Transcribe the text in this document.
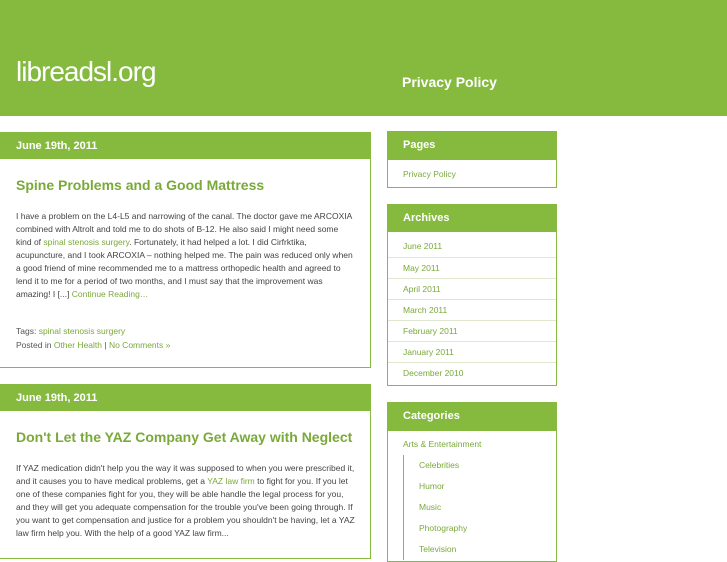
libreadsl.org	Privacy Policy
June 19th, 2011
Spine Problems and a Good Mattress
I have a problem on the L4-L5 and narrowing of the canal. The doctor gave me ARCOXIA combined with Altrolt and told me to do shots of B-12. He also said I might need some kind of spinal stenosis surgery. Fortunately, it had helped a lot. I did Cirfrktika, acupuncture, and I took ARCOXIA – nothing helped me. The pain was reduced only when a good friend of mine recommended me to a mattress orthopedic health and agreed to lend it to me for a period of two months, and I must say that the improvement was amazing! I [...] Continue Reading…
Tags: spinal stenosis surgery
Posted in Other Health | No Comments »
June 19th, 2011
Don't Let the YAZ Company Get Away with Neglect
If YAZ medication didn't help you the way it was supposed to when you were prescribed it, and it causes you to have medical problems, get a YAZ law firm to fight for you. If you let one of these companies fight for you, they will be able handle the legal process for you, and they will get you adequate compensation for the trouble you've been going through. If you want to get compensation and justice for a problem you shouldn't be having, let a YAZ law firm help you. With the help of a good YAZ law firm...
Pages
Privacy Policy
Archives
June 2011
May 2011
April 2011
March 2011
February 2011
January 2011
December 2010
Categories
Arts & Entertainment
Celebrities
Humor
Music
Photography
Television
